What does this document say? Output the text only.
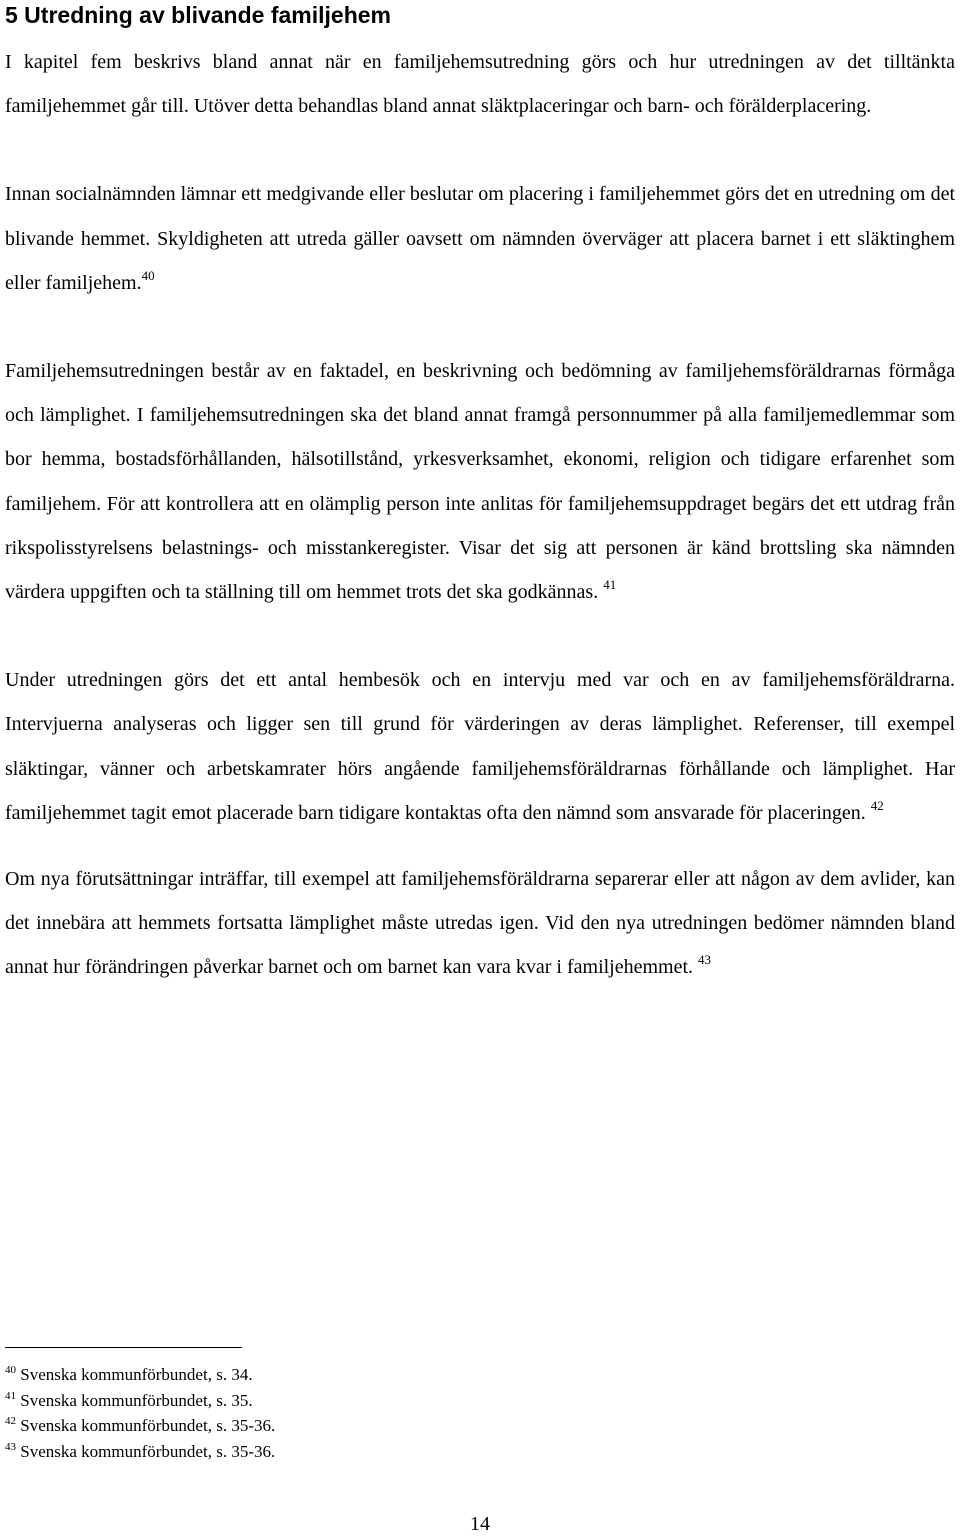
5 Utredning av blivande familjehem

I kapitel fem beskrivs bland annat när en familjehemsutredning görs och hur utredningen av det tilltänkta familjehemmet går till. Utöver detta behandlas bland annat släktplaceringar och barn- och förälderplacering.

Innan socialnämnden lämnar ett medgivande eller beslutar om placering i familjehemmet görs det en utredning om det blivande hemmet. Skyldigheten att utreda gäller oavsett om nämnden överväger att placera barnet i ett släktinghem eller familjehem.$^{40}$

Familjehemsutredningen består av en faktadel, en beskrivning och bedömning av familjehemsföräldrarnas förmåga och lämplighet. I familjehemsutredningen ska det bland annat framgå personnummer på alla familjemedlemmar som bor hemma, bostadsförhållanden, hälsotillstånd, yrkesverksamhet, ekonomi, religion och tidigare erfarenhet som familjehem. För att kontrollera att en olämplig person inte anlitas för familjehemsuppdraget begärs det ett utdrag från rikspolisstyrelsens belastnings- och misstankeregister. Visar det sig att personen är känd brottsling ska nämnden värdera uppgiften och ta ställning till om hemmet trots det ska godkännas. $^{41}$

Under utredningen görs det ett antal hembesök och en intervju med var och en av familjehemsföräldrarna. Intervjuerna analyseras och ligger sen till grund för värderingen av deras lämplighet. Referenser, till exempel släktingar, vänner och arbetskamrater hörs angående familjehemsföräldrarnas förhållande och lämplighet. Har familjehemmet tagit emot placerade barn tidigare kontaktas ofta den nämnd som ansvarade för placeringen. $^{42}$

Om nya förutsättningar inträffar, till exempel att familjehemsföräldrarna separerar eller att någon av dem avlider, kan det innebära att hemmets fortsatta lämplighet måste utredas igen. Vid den nya utredningen bedömer nämnden bland annat hur förändringen påverkar barnet och om barnet kan vara kvar i familjehemmet. $^{43}$

$^{40}$ Svenska kommunförbundet, s. 34.
$^{41}$ Svenska kommunförbundet, s. 35.
$^{42}$ Svenska kommunförbundet, s. 35-36.
$^{43}$ Svenska kommunförbundet, s. 35-36.
14
